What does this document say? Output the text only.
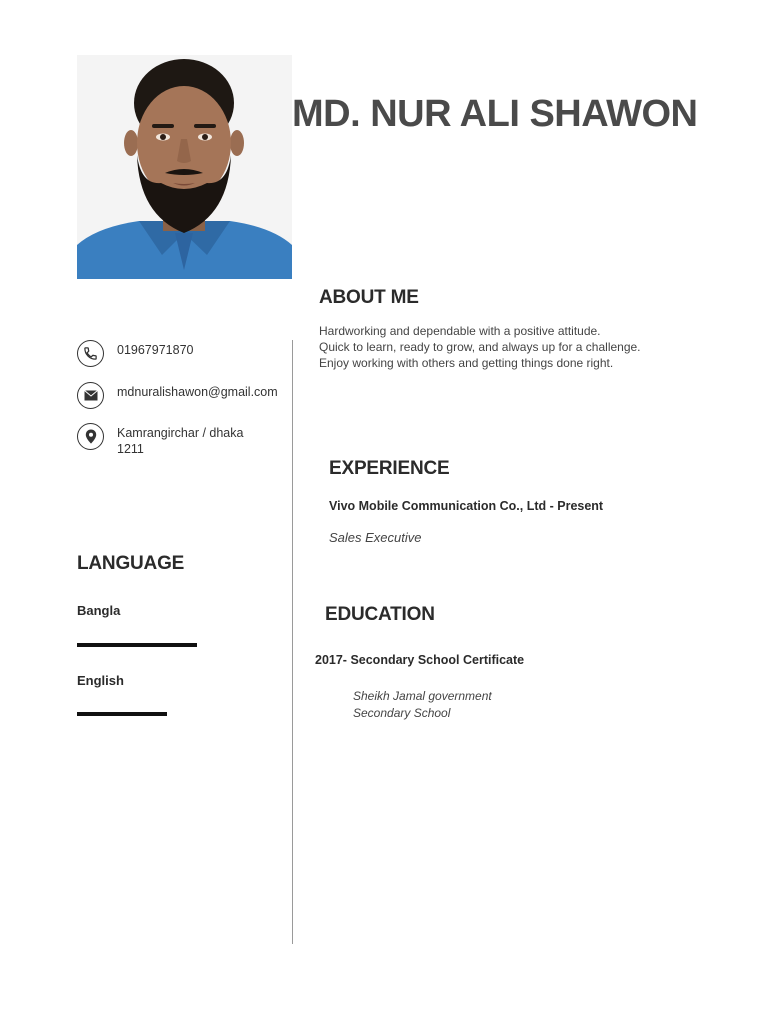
MD. NUR ALI SHAWON
ABOUT ME
Hardworking and dependable with a positive attitude.
Quick to learn, ready to grow, and always up for a challenge.
Enjoy working with others and getting things done right.
01967971870
mdnuralishawon@gmail.com
Kamrangirchar / dhaka
1211
LANGUAGE
Bangla
English
EXPERIENCE
Vivo Mobile Communication Co., Ltd - Present
Sales Executive
EDUCATION
2017- Secondary School Certificate
Sheikh Jamal government
Secondary School
